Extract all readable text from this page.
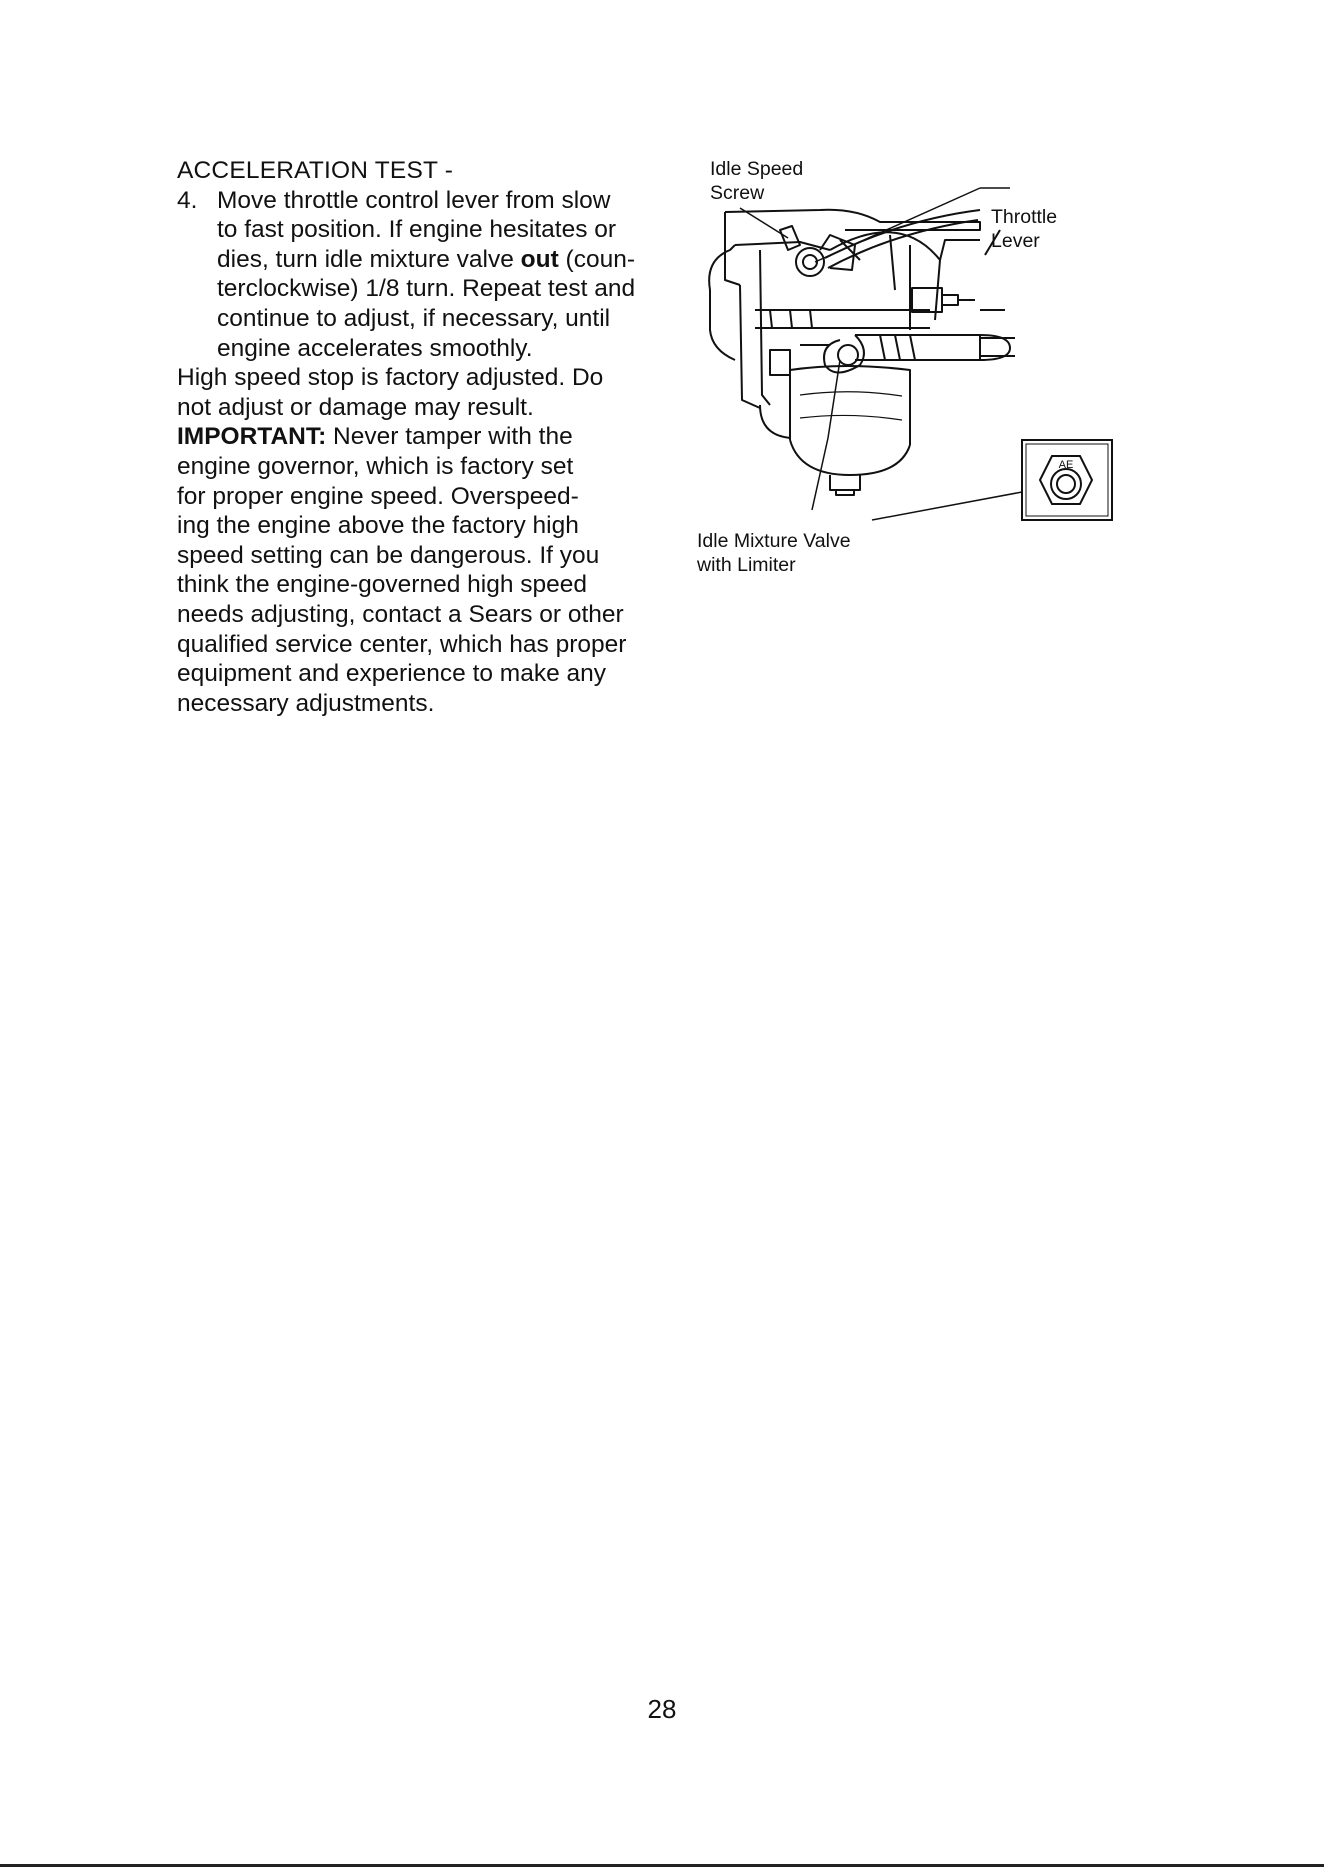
ACCELERATION TEST -

4. Move throttle control lever from slow

to fast position. If engine hesitates or

dies, turn idle mixture valve out (coun-

terclockwise) 1/8 turn. Repeat test and

continue to adjust, if necessary, until

engine accelerates smoothly.

High speed stop is factory adjusted. Do

not adjust or damage may result.

IMPORTANT: Never tamper with the

engine governor, which is factory set

for proper engine speed. Overspeed-

ing the engine above the factory high

speed setting can be dangerous. If you

think the engine-governed high speed

needs adjusting, contact a Sears or other

qualified service center, which has proper

equipment and experience to make any

necessary adjustments.

AE
Idle Speed
Screw
Throttle
Lever
Idle Mixture Valve
with Limiter
28
